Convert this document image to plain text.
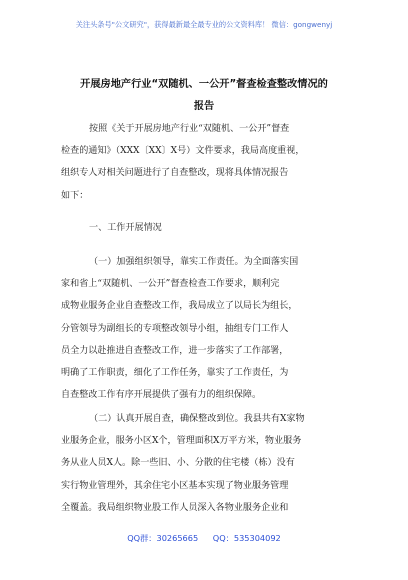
关注头条号"公文研究"，获得最新最全最专业的公文资料库！ 微信：gongwenyj
开展房地产行业“双随机、一公开”督查检查整改情况的
报告
按照《关于开展房地产行业“双随机、一公开”督查
检查的通知》（XXX〔XX〕X号）文件要求，我局高度重视，
组织专人对相关问题进行了自查整改，现将具体情况报告
如下：
一、工作开展情况
（一）加强组织领导，靠实工作责任。为全面落实国
家和省上“双随机、一公开”督查检查工作要求，顺利完
成物业服务企业自查整改工作，我局成立了以局长为组长，
分管领导为副组长的专项整改领导小组，抽组专门工作人
员全力以赴推进自查整改工作，进一步落实了工作部署，
明确了工作职责，细化了工作任务，靠实了工作责任，为
自查整改工作有序开展提供了强有力的组织保障。
（二）认真开展自查，确保整改到位。我县共有X家物
业服务企业，服务小区X个，管理面积X万平方米，物业服务
务从业人员X人。除一些旧、小、分散的住宅楼（栋）没有
实行物业管理外，其余住宅小区基本实现了物业服务管理
全覆盖。我局组织物业股工作人员深入各物业服务企业和
QQ群：30265665 QQ：535304092
